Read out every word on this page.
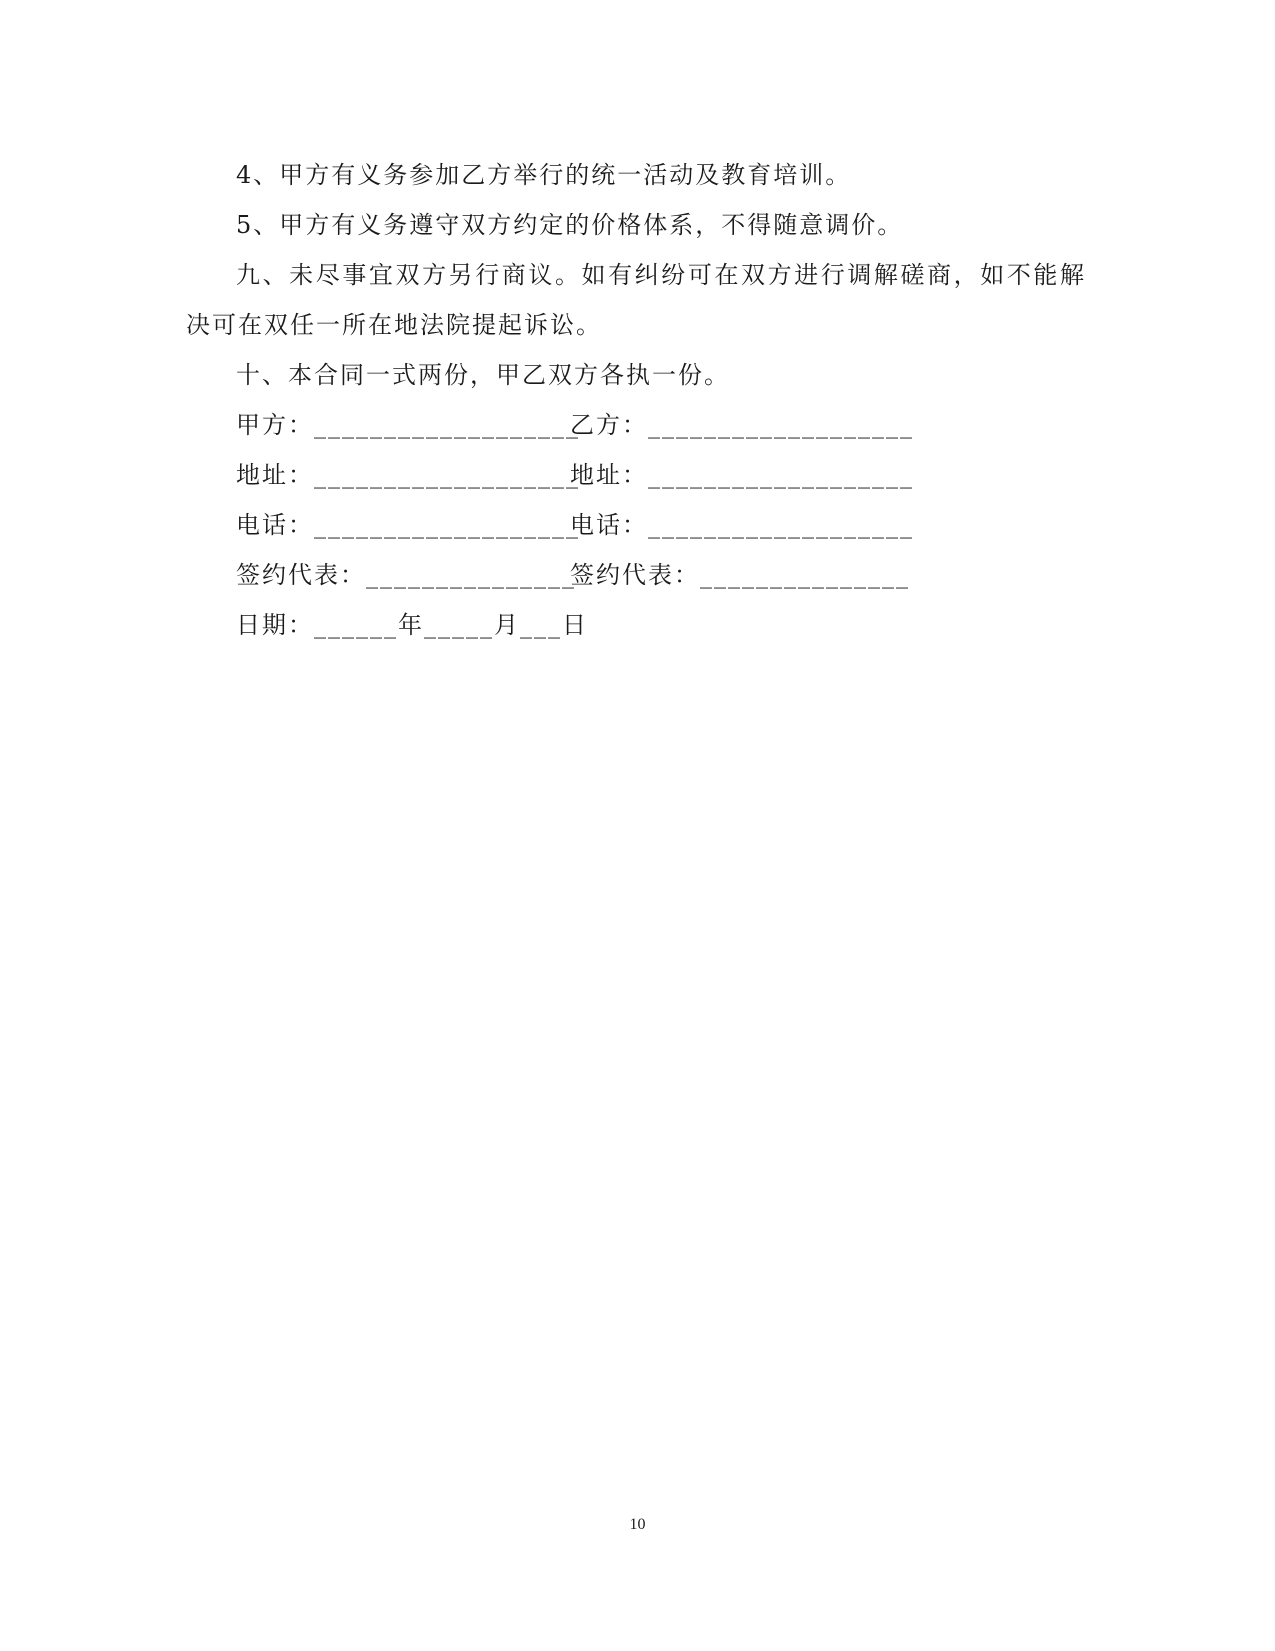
4、甲方有义务参加乙方举行的统一活动及教育培训。

5、甲方有义务遵守双方约定的价格体系，不得随意调价。

九、未尽事宜双方另行商议。如有纠纷可在双方进行调解磋商，如不能解决可在双任一所在地法院提起诉讼。

十、本合同一式两份，甲乙双方各执一份。

甲方：___________________乙方：___________________
地址：___________________地址：___________________
电话：___________________电话：___________________
签约代表：_______________签约代表：_______________
日期：______年_____月___日
10
